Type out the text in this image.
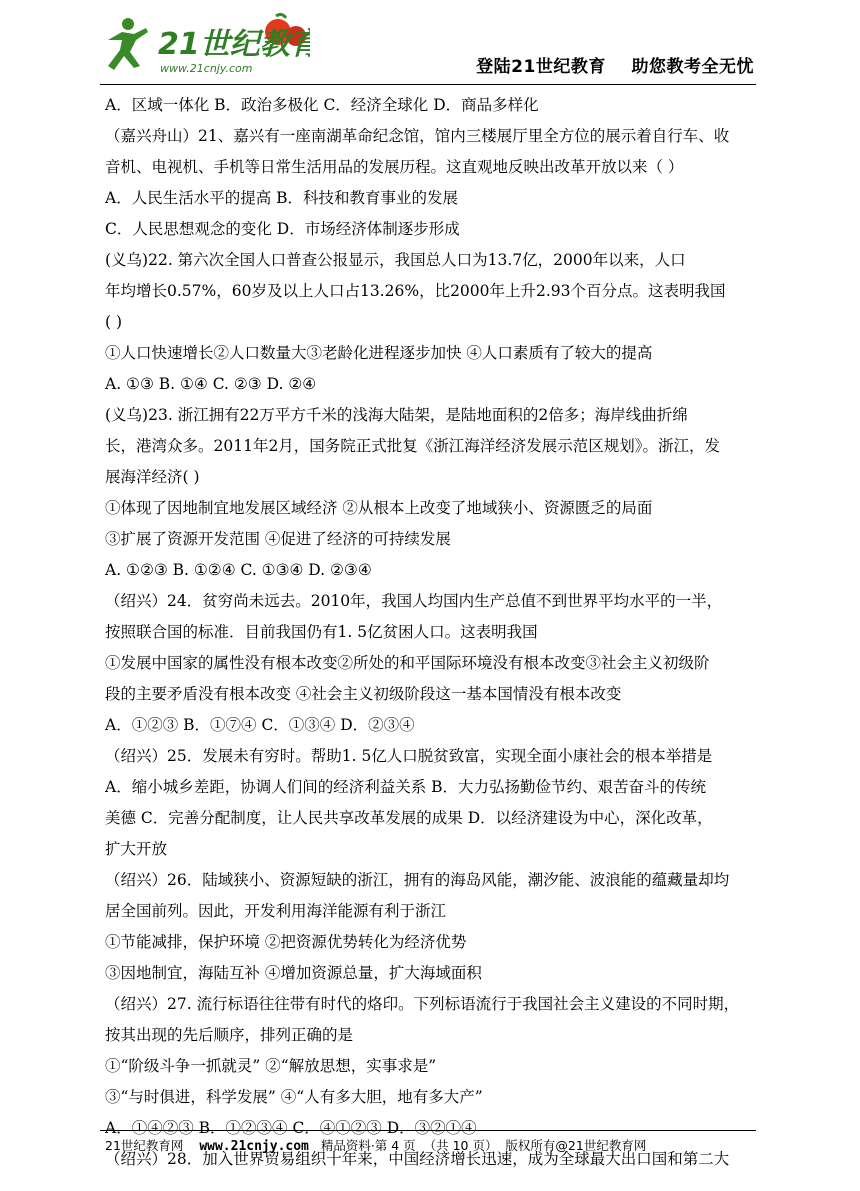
21世纪教育
www.21cnjy.com	登陆21世纪教育    助您教考全无忧
A．区域一体化 B．政治多极化 C．经济全球化 D．商品多样化
（嘉兴舟山）21、嘉兴有一座南湖革命纪念馆，馆内三楼展厅里全方位的展示着自行车、收
音机、电视机、手机等日常生活用品的发展历程。这直观地反映出改革开放以来（ ）
A．人民生活水平的提高 B．科技和教育事业的发展
C．人民思想观念的变化 D．市场经济体制逐步形成
(义乌)22. 第六次全国人口普查公报显示，我国总人口为13.7亿，2000年以来，人口
年均增长0.57%，60岁及以上人口占13.26%，比2000年上升2.93个百分点。这表明我国
( )
①人口快速增长②人口数量大③老龄化进程逐步加快 ④人口素质有了较大的提高
A. ①③ B. ①④ C. ②③ D. ②④
(义乌)23. 浙江拥有22万平方千米的浅海大陆架，是陆地面积的2倍多；海岸线曲折绵
长，港湾众多。2011年2月，国务院正式批复《浙江海洋经济发展示范区规划》。浙江，发
展海洋经济( )
①体现了因地制宜地发展区域经济 ②从根本上改变了地域狭小、资源匮乏的局面
③扩展了资源开发范围 ④促进了经济的可持续发展
A. ①②③ B. ①②④ C. ①③④ D. ②③④
（绍兴）24．贫穷尚未远去。2010年，我国人均国内生产总值不到世界平均水平的一半，
按照联合国的标准．目前我国仍有1. 5亿贫困人口。这表明我国
①发展中国家的属性没有根本改变②所处的和平国际环境没有根本改变③社会主义初级阶
段的主要矛盾没有根本改变 ④社会主义初级阶段这一基本国情没有根本改变
A．①②③ B．①⑦④ C．①③④ D．②③④
（绍兴）25．发展未有穷时。帮助1. 5亿人口脱贫致富，实现全面小康社会的根本举措是
A．缩小城乡差距，协调人们间的经济利益关系 B．大力弘扬勤俭节约、艰苦奋斗的传统
美德 C．完善分配制度，让人民共享改革发展的成果 D．以经济建设为中心，深化改革，
扩大开放
（绍兴）26．陆域狭小、资源短缺的浙江，拥有的海岛风能，潮汐能、波浪能的蕴藏量却均
居全国前列。因此，开发利用海洋能源有利于浙江
①节能减排，保护环境 ②把资源优势转化为经济优势
③因地制宜，海陆互补 ④增加资源总量，扩大海域面积
（绍兴）27. 流行标语往往带有时代的烙印。下列标语流行于我国社会主义建设的不同时期，
按其出现的先后顺序，排列正确的是
①“阶级斗争一抓就灵” ②“解放思想，实事求是”
③“与时俱进，科学发展” ④“人有多大胆，地有多大产”
A．①④②③ B．①②③④ C．④①②③ D．③②①④
（绍兴）28．加入世界贸易组织十年来，中国经济增长迅速，成为全球最大出口国和第二大
21世纪教育网 www.21cnjy.com 精品资料·第 4 页  （共 10 页）  版权所有@21世纪教育网
